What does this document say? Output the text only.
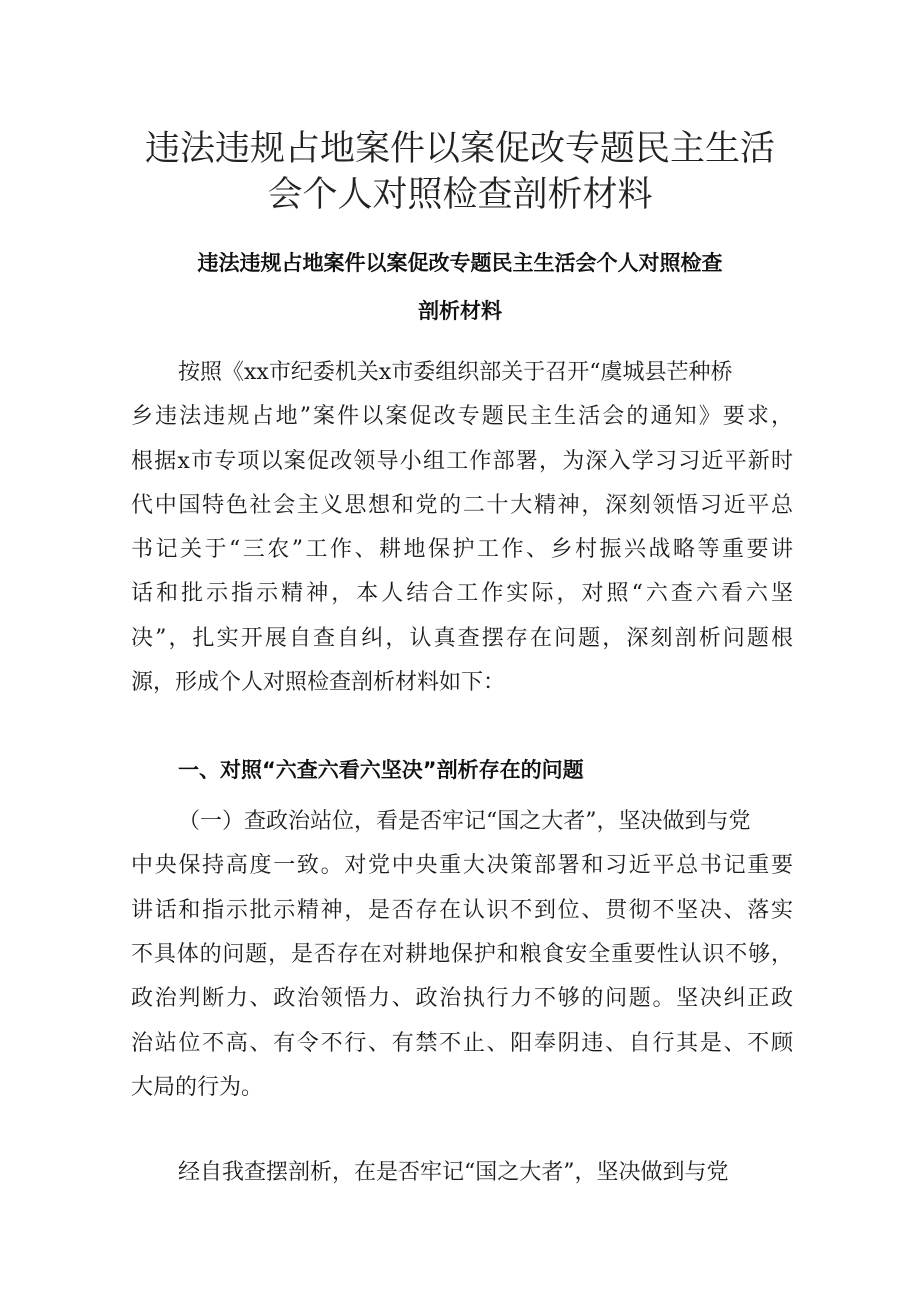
违法违规占地案件以案促改专题民主生活
会个人对照检查剖析材料
违法违规占地案件以案促改专题民主生活会个人对照检查
剖析材料
按照《xx市纪委机关x市委组织部关于召开“虞城县芒种桥
乡违法违规占地”案件以案促改专题民主生活会的通知》要求，
根据x市专项以案促改领导小组工作部署，为深入学习习近平新时
代中国特色社会主义思想和党的二十大精神，深刻领悟习近平总
书记关于“三农”工作、耕地保护工作、乡村振兴战略等重要讲
话和批示指示精神，本人结合工作实际，对照“六查六看六坚
决”，扎实开展自查自纠，认真查摆存在问题，深刻剖析问题根
源，形成个人对照检查剖析材料如下：
一、对照“六查六看六坚决”剖析存在的问题
（一）查政治站位，看是否牢记“国之大者”，坚决做到与党
中央保持高度一致。对党中央重大决策部署和习近平总书记重要
讲话和指示批示精神，是否存在认识不到位、贯彻不坚决、落实
不具体的问题，是否存在对耕地保护和粮食安全重要性认识不够，
政治判断力、政治领悟力、政治执行力不够的问题。坚决纠正政
治站位不高、有令不行、有禁不止、阳奉阴违、自行其是、不顾
大局的行为。
经自我查摆剖析，在是否牢记“国之大者”，坚决做到与党
